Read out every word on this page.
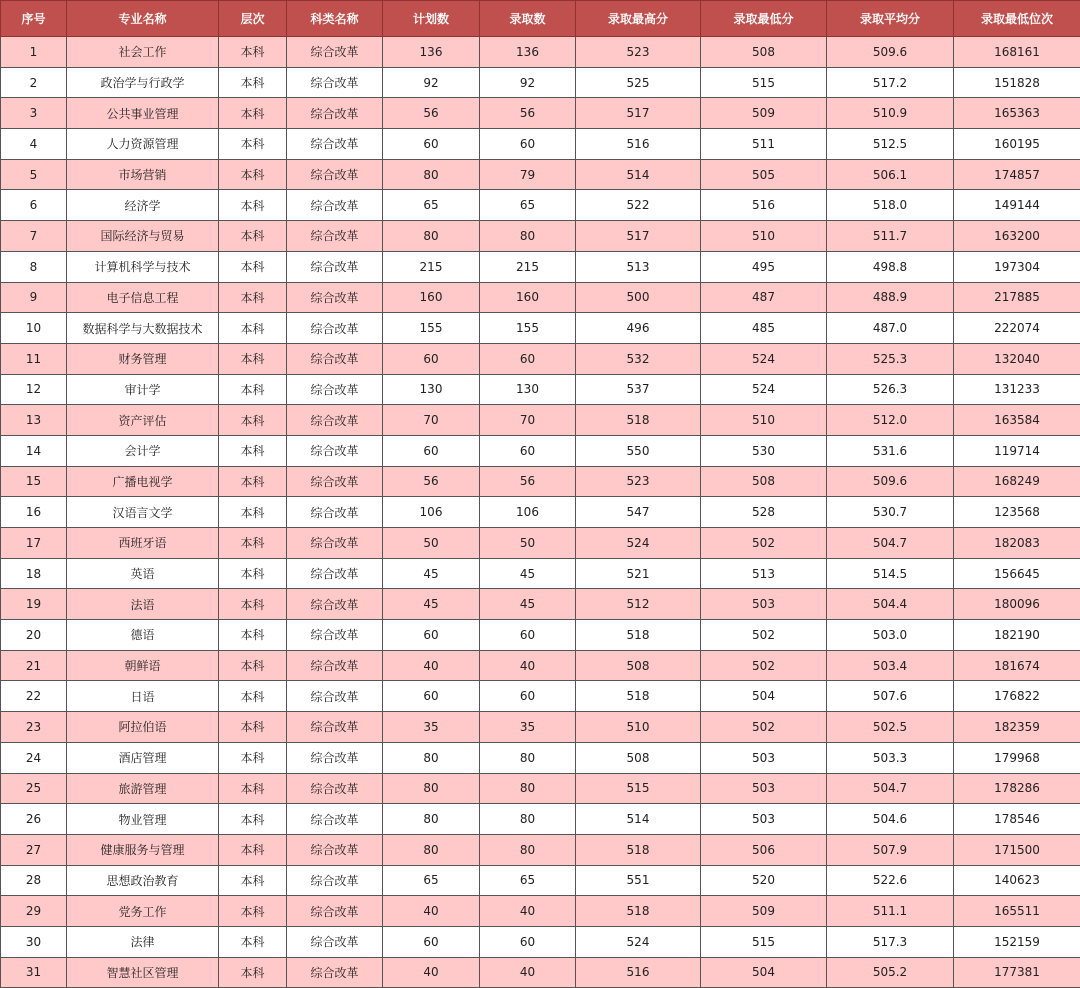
序号	专业名称	层次	科类名称	计划数	录取数	录取最高分	录取最低分	录取平均分	录取最低位次
1	社会工作	本科	综合改革	136	136	523	508	509.6	168161
2	政治学与行政学	本科	综合改革	92	92	525	515	517.2	151828
3	公共事业管理	本科	综合改革	56	56	517	509	510.9	165363
4	人力资源管理	本科	综合改革	60	60	516	511	512.5	160195
5	市场营销	本科	综合改革	80	79	514	505	506.1	174857
6	经济学	本科	综合改革	65	65	522	516	518.0	149144
7	国际经济与贸易	本科	综合改革	80	80	517	510	511.7	163200
8	计算机科学与技术	本科	综合改革	215	215	513	495	498.8	197304
9	电子信息工程	本科	综合改革	160	160	500	487	488.9	217885
10	数据科学与大数据技术	本科	综合改革	155	155	496	485	487.0	222074
11	财务管理	本科	综合改革	60	60	532	524	525.3	132040
12	审计学	本科	综合改革	130	130	537	524	526.3	131233
13	资产评估	本科	综合改革	70	70	518	510	512.0	163584
14	会计学	本科	综合改革	60	60	550	530	531.6	119714
15	广播电视学	本科	综合改革	56	56	523	508	509.6	168249
16	汉语言文学	本科	综合改革	106	106	547	528	530.7	123568
17	西班牙语	本科	综合改革	50	50	524	502	504.7	182083
18	英语	本科	综合改革	45	45	521	513	514.5	156645
19	法语	本科	综合改革	45	45	512	503	504.4	180096
20	德语	本科	综合改革	60	60	518	502	503.0	182190
21	朝鲜语	本科	综合改革	40	40	508	502	503.4	181674
22	日语	本科	综合改革	60	60	518	504	507.6	176822
23	阿拉伯语	本科	综合改革	35	35	510	502	502.5	182359
24	酒店管理	本科	综合改革	80	80	508	503	503.3	179968
25	旅游管理	本科	综合改革	80	80	515	503	504.7	178286
26	物业管理	本科	综合改革	80	80	514	503	504.6	178546
27	健康服务与管理	本科	综合改革	80	80	518	506	507.9	171500
28	思想政治教育	本科	综合改革	65	65	551	520	522.6	140623
29	党务工作	本科	综合改革	40	40	518	509	511.1	165511
30	法律	本科	综合改革	60	60	524	515	517.3	152159
31	智慧社区管理	本科	综合改革	40	40	516	504	505.2	177381
